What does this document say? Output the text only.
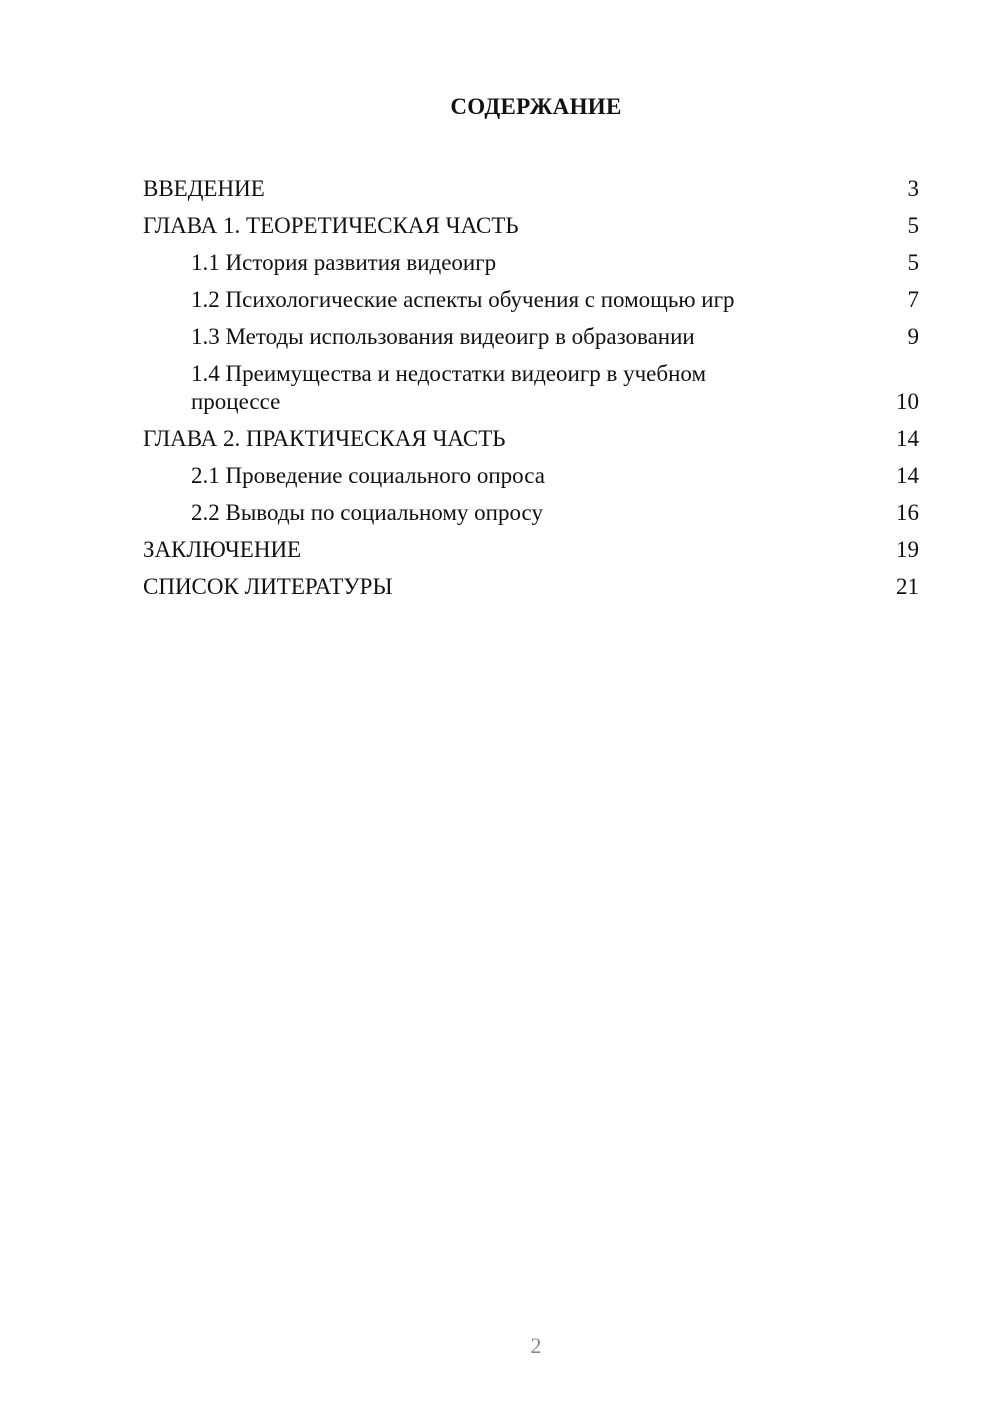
СОДЕРЖАНИЕ
ВВЕДЕНИЕ	3
ГЛАВА 1. ТЕОРЕТИЧЕСКАЯ ЧАСТЬ	5
1.1 История развития видеоигр	5
1.2 Психологические аспекты обучения с помощью игр	7
1.3 Методы использования видеоигр в образовании	9
1.4 Преимущества и недостатки видеоигр в учебном процессе	10
ГЛАВА 2. ПРАКТИЧЕСКАЯ ЧАСТЬ	14
2.1 Проведение социального опроса	14
2.2 Выводы по социальному опросу	16
ЗАКЛЮЧЕНИЕ	19
СПИСОК ЛИТЕРАТУРЫ	21
2
